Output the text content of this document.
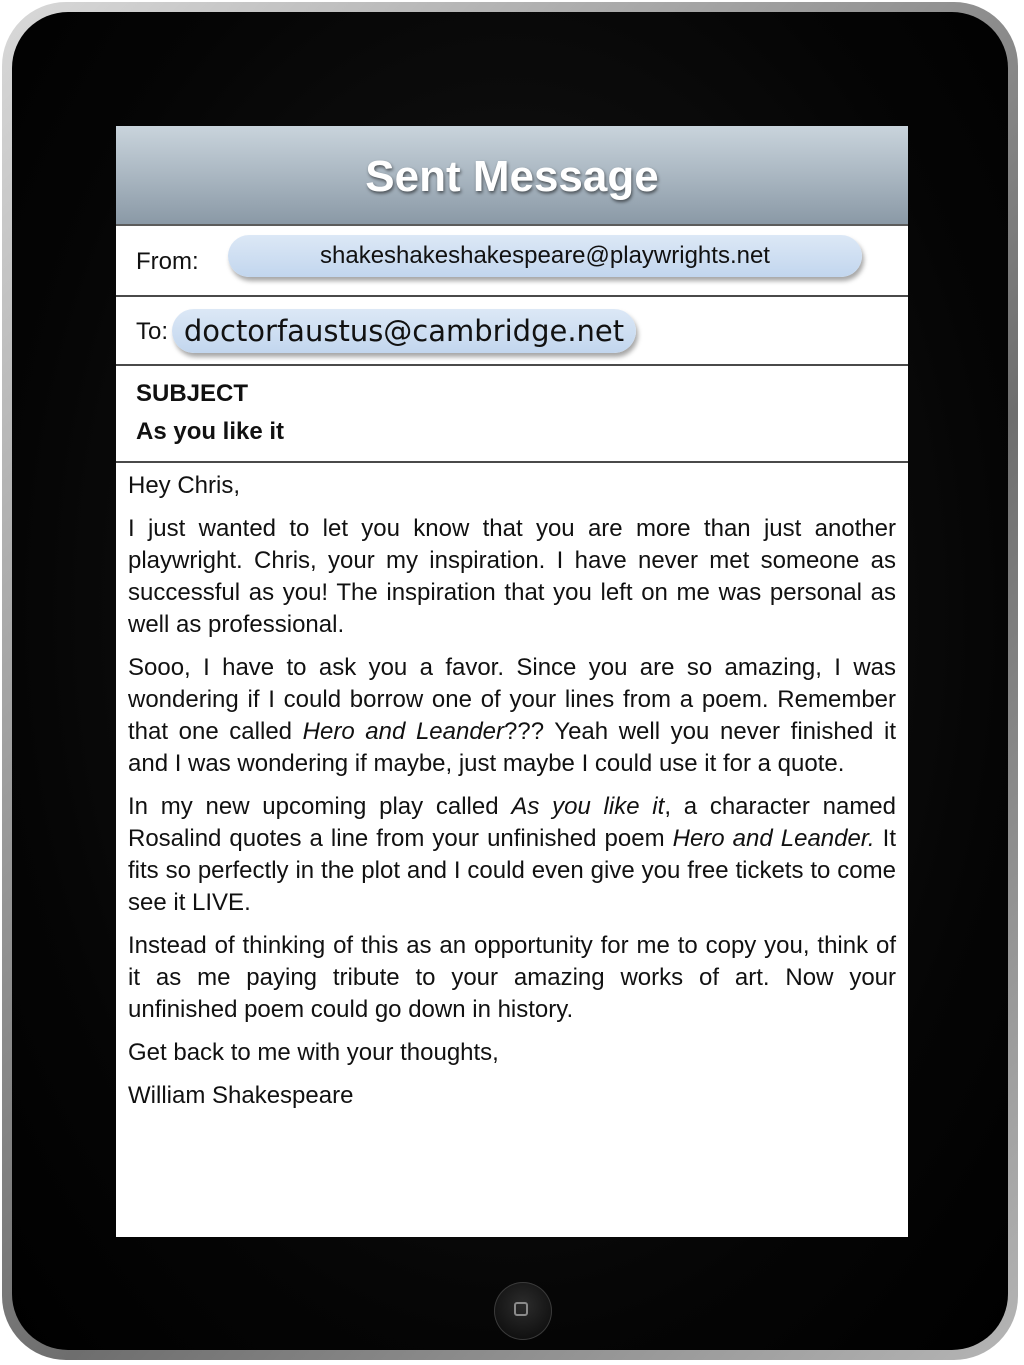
Sent Message
From:	shakeshakeshakespeare@playwrights.net
To: doctorfaustus@cambridge.net
SUBJECT
As you like it

Hey Chris,

I just wanted to let you know that you are more than just another playwright. Chris, your my inspiration. I have never met someone as successful as you! The inspiration that you left on me was personal as well as professional.

Sooo, I have to ask you a favor. Since you are so amazing, I was wondering if I could borrow one of your lines from a poem. Remember that one called Hero and Leander??? Yeah well you never finished it and I was wondering if maybe, just maybe I could use it for a quote.

In my new upcoming play called As you like it, a character named Rosalind quotes a line from your unfinished poem Hero and Leander. It fits so perfectly in the plot and I could even give you free tickets to come see it LIVE.

Instead of thinking of this as an opportunity for me to copy you, think of it as me paying tribute to your amazing works of art. Now your unfinished poem could go down in history.

Get back to me with your thoughts,

William Shakespeare
